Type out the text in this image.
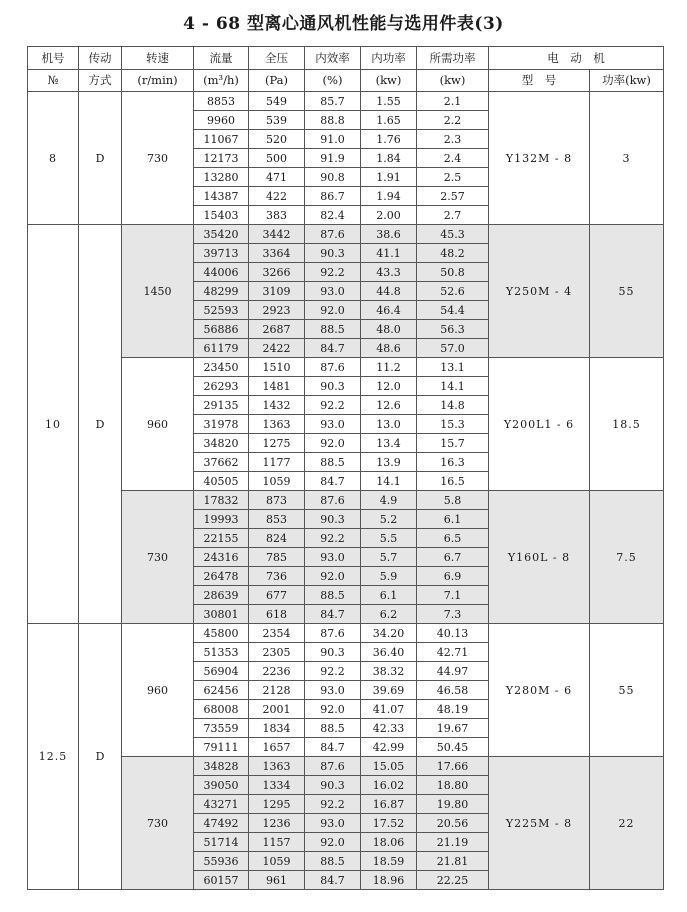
4 - 68 型离心通风机性能与选用件表(3)
机号	传动	转速	流量	全压	内效率	内功率	所需功率	电　动　机	
№	方式	(r/min)	(m³/h)	(Pa)	(%)	(kw)	(kw)	型　号	功率(kw)
8	D	730	8853	549	85.7	1.55	2.1	Y132M - 8	3
			9960	539	88.8	1.65	2.2		
			11067	520	91.0	1.76	2.3		
			12173	500	91.9	1.84	2.4		
			13280	471	90.8	1.91	2.5		
			14387	422	86.7	1.94	2.57		
			15403	383	82.4	2.00	2.7		
10	D	1450	35420	3442	87.6	38.6	45.3	Y250M - 4	55
			39713	3364	90.3	41.1	48.2		
			44006	3266	92.2	43.3	50.8		
			48299	3109	93.0	44.8	52.6		
			52593	2923	92.0	46.4	54.4		
			56886	2687	88.5	48.0	56.3		
			61179	2422	84.7	48.6	57.0		
		960	23450	1510	87.6	11.2	13.1	Y200L1 - 6	18.5
			26293	1481	90.3	12.0	14.1		
			29135	1432	92.2	12.6	14.8		
			31978	1363	93.0	13.0	15.3		
			34820	1275	92.0	13.4	15.7		
			37662	1177	88.5	13.9	16.3		
			40505	1059	84.7	14.1	16.5		
		730	17832	873	87.6	4.9	5.8	Y160L - 8	7.5
			19993	853	90.3	5.2	6.1		
			22155	824	92.2	5.5	6.5		
			24316	785	93.0	5.7	6.7		
			26478	736	92.0	5.9	6.9		
			28639	677	88.5	6.1	7.1		
			30801	618	84.7	6.2	7.3		
12.5	D	960	45800	2354	87.6	34.20	40.13	Y280M - 6	55
			51353	2305	90.3	36.40	42.71		
			56904	2236	92.2	38.32	44.97		
			62456	2128	93.0	39.69	46.58		
			68008	2001	92.0	41.07	48.19		
			73559	1834	88.5	42.33	19.67		
			79111	1657	84.7	42.99	50.45		
		730	34828	1363	87.6	15.05	17.66	Y225M - 8	22
			39050	1334	90.3	16.02	18.80		
			43271	1295	92.2	16.87	19.80		
			47492	1236	93.0	17.52	20.56		
			51714	1157	92.0	18.06	21.19		
			55936	1059	88.5	18.59	21.81		
			60157	961	84.7	18.96	22.25		
